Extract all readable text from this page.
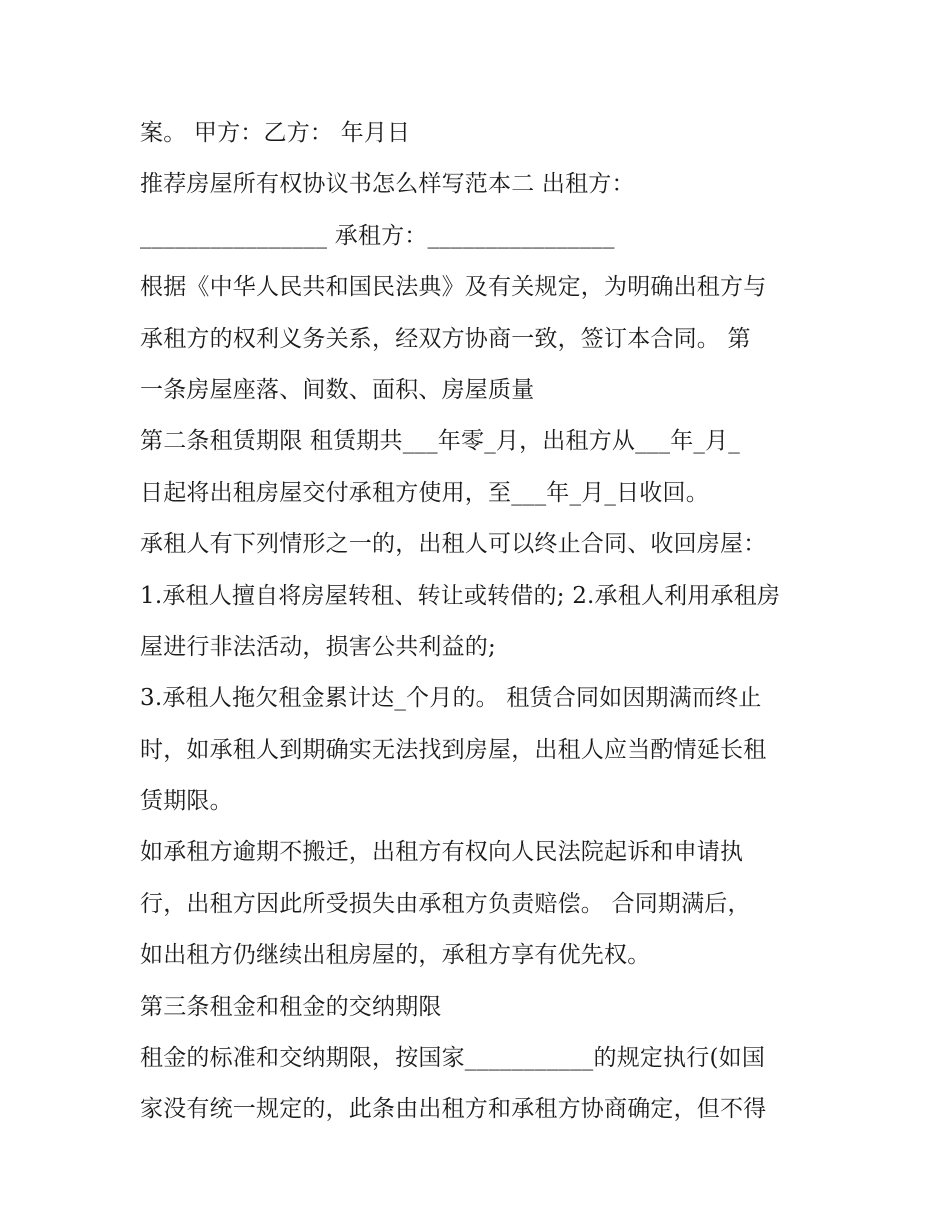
案。 甲方：乙方： 年月日
推荐房屋所有权协议书怎么样写范本二 出租方：
________________ 承租方：________________
根据《中华人民共和国民法典》及有关规定，为明确出租方与
承租方的权利义务关系，经双方协商一致，签订本合同。 第
一条房屋座落、间数、面积、房屋质量
第二条租赁期限 租赁期共___年零_月，出租方从___年_月_
日起将出租房屋交付承租方使用，至___年_月_日收回。
承租人有下列情形之一的，出租人可以终止合同、收回房屋：
1.承租人擅自将房屋转租、转让或转借的; 2.承租人利用承租房
屋进行非法活动，损害公共利益的;
3.承租人拖欠租金累计达_个月的。 租赁合同如因期满而终止
时，如承租人到期确实无法找到房屋，出租人应当酌情延长租
赁期限。
如承租方逾期不搬迁，出租方有权向人民法院起诉和申请执
行，出租方因此所受损失由承租方负责赔偿。 合同期满后，
如出租方仍继续出租房屋的，承租方享有优先权。
第三条租金和租金的交纳期限
租金的标准和交纳期限，按国家___________的规定执行(如国
家没有统一规定的，此条由出租方和承租方协商确定，但不得
